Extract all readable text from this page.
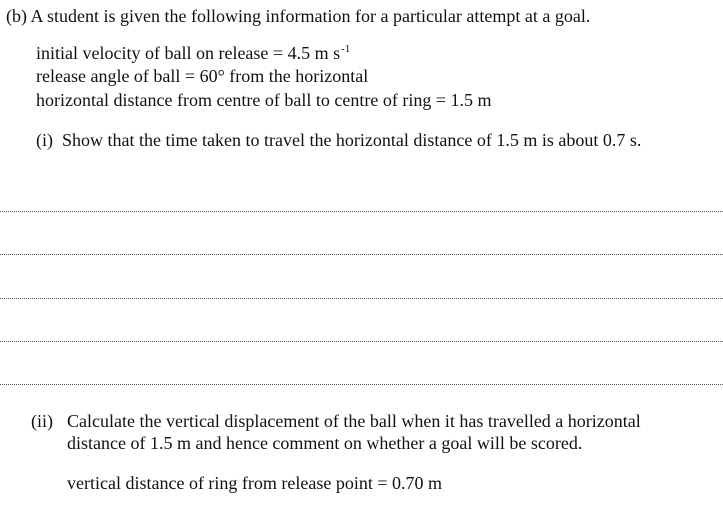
(b) A student is given the following information for a particular attempt at a goal.
initial velocity of ball on release = 4.5 m $s^{-1}$
release angle of ball = 60° from the horizontal
horizontal distance from centre of ball to centre of ring = 1.5 m
(i) Show that the time taken to travel the horizontal distance of 1.5 m is about 0.7 s.
(ii) Calculate the vertical displacement of the ball when it has travelled a horizontal
distance of 1.5 m and hence comment on whether a goal will be scored.
vertical distance of ring from release point = 0.70 m
